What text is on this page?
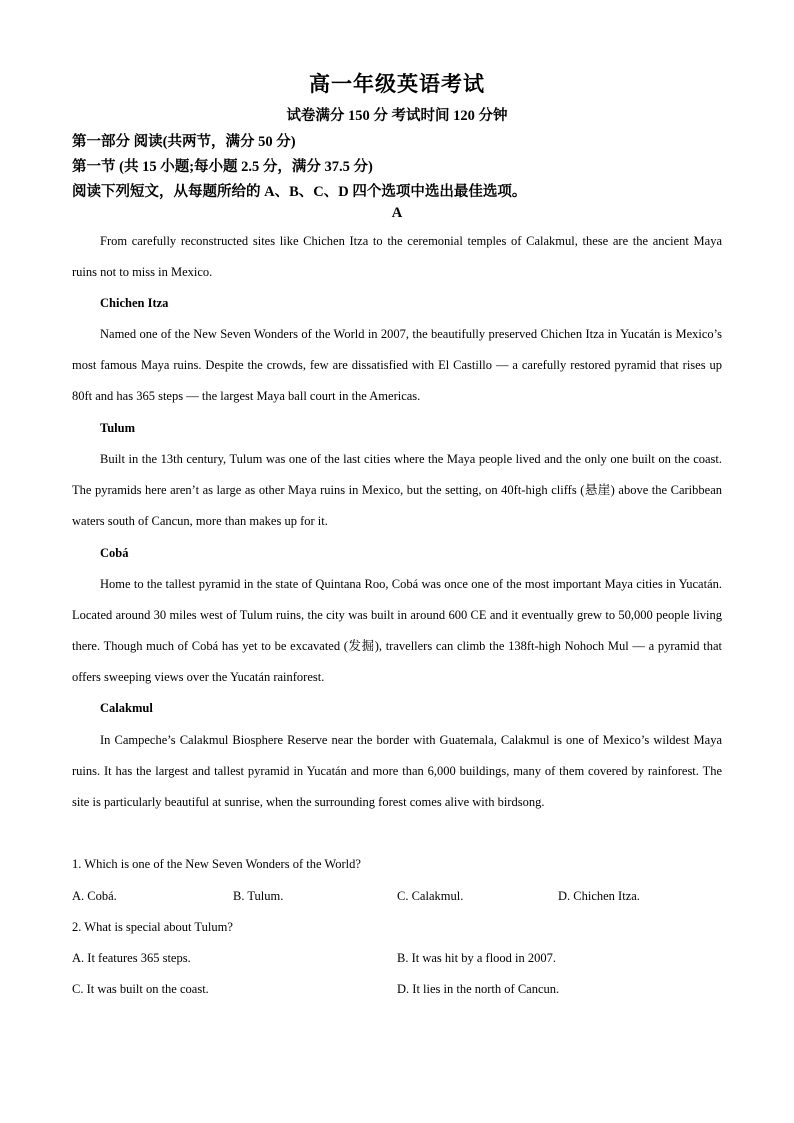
高一年级英语考试
试卷满分 150 分 考试时间 120 分钟
第一部分 阅读(共两节，满分 50 分)
第一节 (共 15 小题;每小题 2.5 分，满分 37.5 分)
阅读下列短文，从每题所给的 A、B、C、D 四个选项中选出最佳选项。
A

From carefully reconstructed sites like Chichen Itza to the ceremonial temples of Calakmul, these are the ancient Maya ruins not to miss in Mexico.

Chichen Itza

Named one of the New Seven Wonders of the World in 2007, the beautifully preserved Chichen Itza in Yucatán is Mexico’s most famous Maya ruins. Despite the crowds, few are dissatisfied with El Castillo — a carefully restored pyramid that rises up 80ft and has 365 steps — the largest Maya ball court in the Americas.

Tulum

Built in the 13th century, Tulum was one of the last cities where the Maya people lived and the only one built on the coast. The pyramids here aren’t as large as other Maya ruins in Mexico, but the setting, on 40ft-high cliffs (悬崖) above the Caribbean waters south of Cancun, more than makes up for it.

Cobá

Home to the tallest pyramid in the state of Quintana Roo, Cobá was once one of the most important Maya cities in Yucatán. Located around 30 miles west of Tulum ruins, the city was built in around 600 CE and it eventually grew to 50,000 people living there. Though much of Cobá has yet to be excavated (发掘), travellers can climb the 138ft-high Nohoch Mul — a pyramid that offers sweeping views over the Yucatán rainforest.

Calakmul

In Campeche’s Calakmul Biosphere Reserve near the border with Guatemala, Calakmul is one of Mexico’s wildest Maya ruins. It has the largest and tallest pyramid in Yucatán and more than 6,000 buildings, many of them covered by rainforest. The site is particularly beautiful at sunrise, when the surrounding forest comes alive with birdsong.

1. Which is one of the New Seven Wonders of the World?
A. Cobá.	B. Tulum.	C. Calakmul.	D. Chichen Itza.
2. What is special about Tulum?
A. It features 365 steps.	B. It was hit by a flood in 2007.
C. It was built on the coast.	D. It lies in the north of Cancun.
